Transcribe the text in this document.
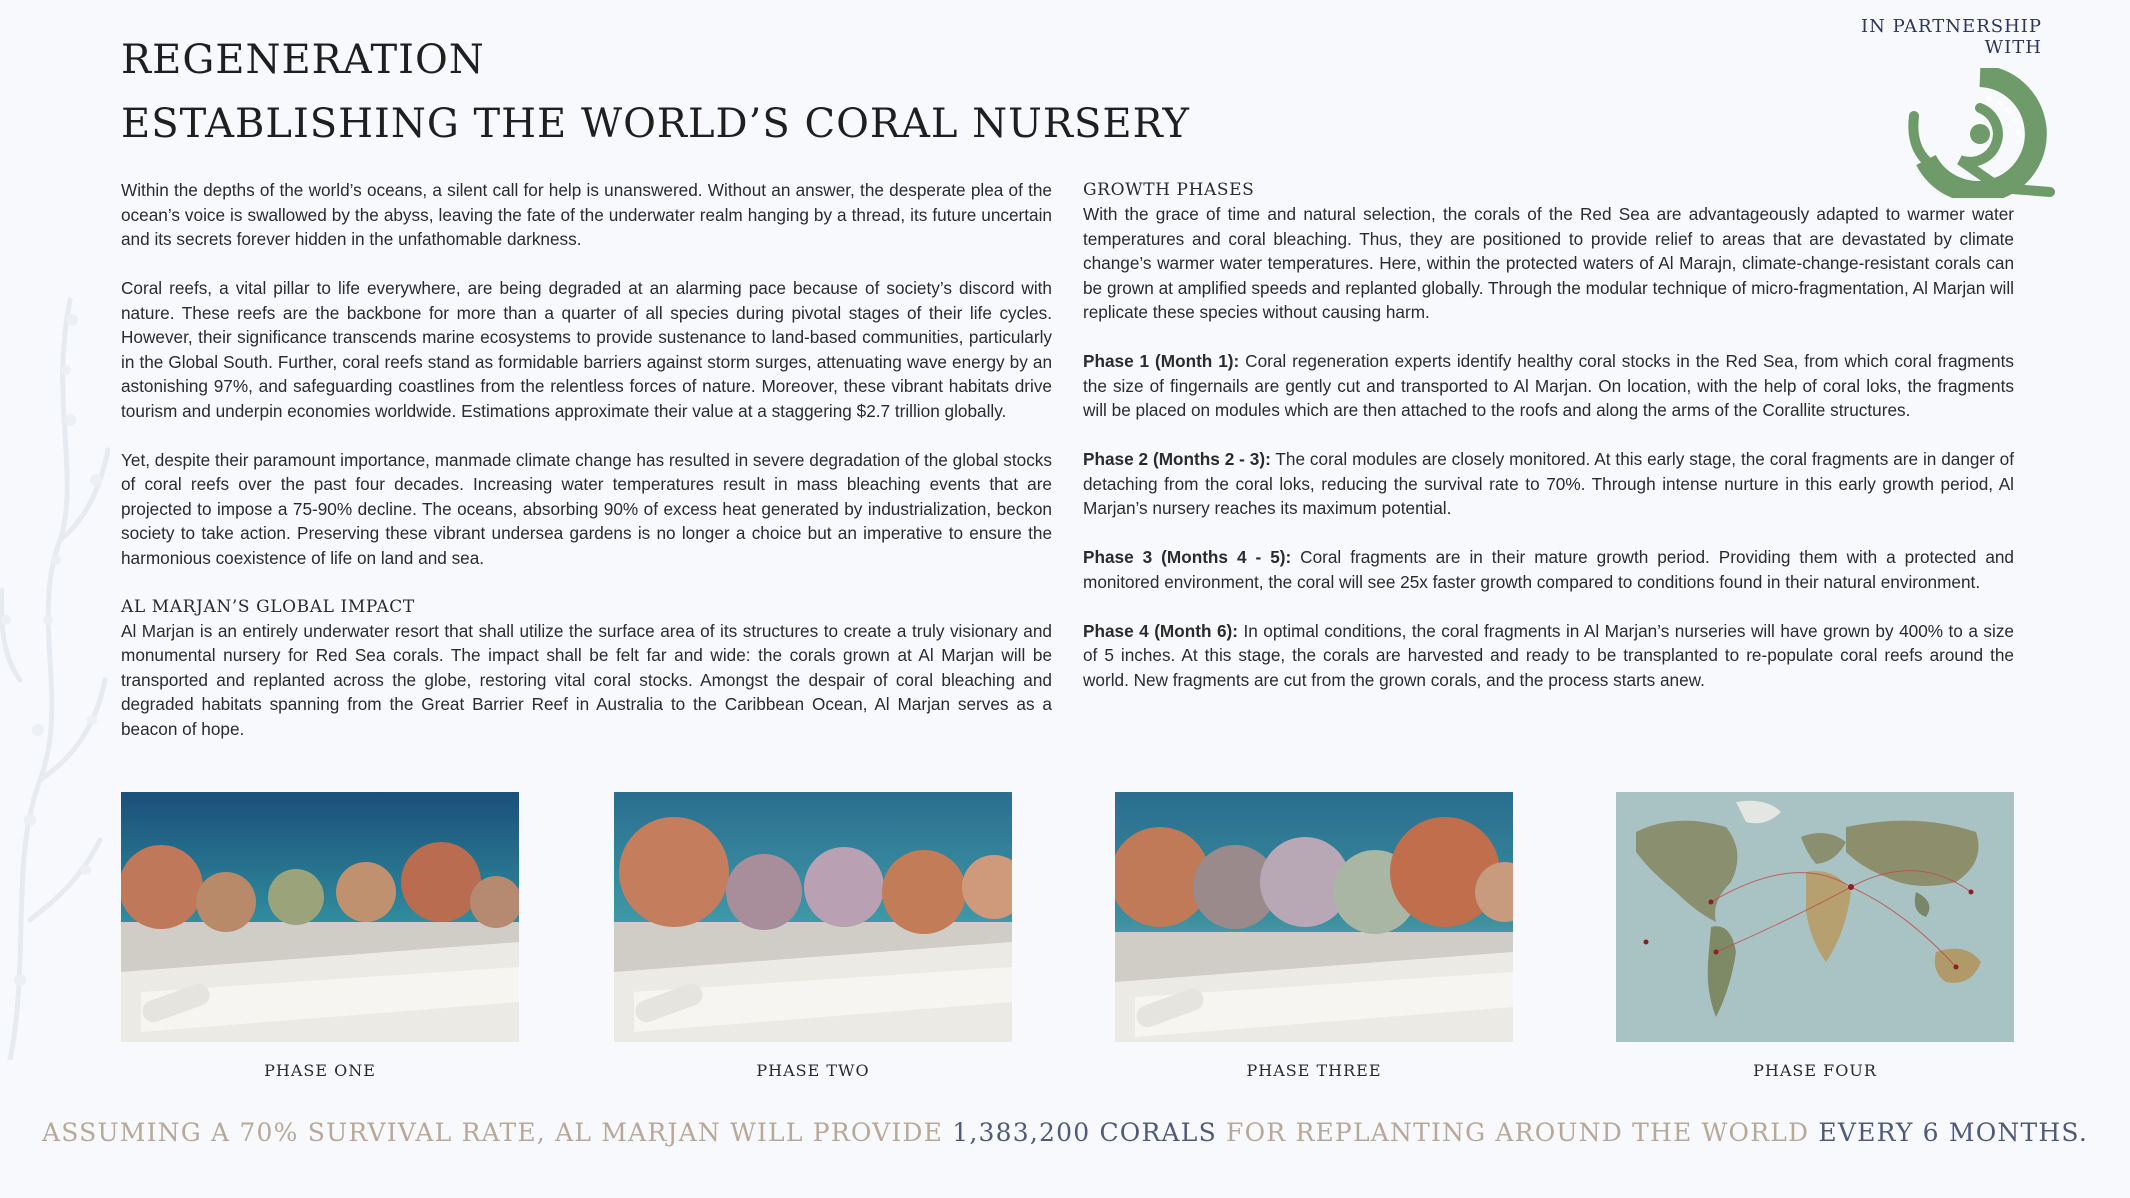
REGENERATION
ESTABLISHING THE WORLD’S CORAL NURSERY
IN PARTNERSHIP WITH

Within the depths of the world’s oceans, a silent call for help is unanswered. Without an answer, the desperate plea of the ocean’s voice is swallowed by the abyss, leaving the fate of the underwater realm hanging by a thread, its future uncertain and its secrets forever hidden in the unfathomable darkness.

Coral reefs, a vital pillar to life everywhere, are being degraded at an alarming pace because of society’s discord with nature. These reefs are the backbone for more than a quarter of all species during pivotal stages of their life cycles. However, their significance transcends marine ecosystems to provide sustenance to land-based communities, particularly in the Global South. Further, coral reefs stand as formidable barriers against storm surges, attenuating wave energy by an astonishing 97%, and safeguarding coastlines from the relentless forces of nature. Moreover, these vibrant habitats drive tourism and underpin economies worldwide. Estimations approximate their value at a staggering $2.7 trillion globally.

Yet, despite their paramount importance, manmade climate change has resulted in severe degradation of the global stocks of coral reefs over the past four decades. Increasing water temperatures result in mass bleaching events that are projected to impose a 75-90% decline. The oceans, absorbing 90% of excess heat generated by industrialization, beckon society to take action. Preserving these vibrant undersea gardens is no longer a choice but an imperative to ensure the harmonious coexistence of life on land and sea.

AL MARJAN’S GLOBAL IMPACT

Al Marjan is an entirely underwater resort that shall utilize the surface area of its structures to create a truly visionary and monumental nursery for Red Sea corals. The impact shall be felt far and wide: the corals grown at Al Marjan will be transported and replanted across the globe, restoring vital coral stocks. Amongst the despair of coral bleaching and degraded habitats spanning from the Great Barrier Reef in Australia to the Caribbean Ocean, Al Marjan serves as a beacon of hope.

GROWTH PHASES

With the grace of time and natural selection, the corals of the Red Sea are advantageously adapted to warmer water temperatures and coral bleaching. Thus, they are positioned to provide relief to areas that are devastated by climate change’s warmer water temperatures. Here, within the protected waters of Al Marajn, climate-change-resistant corals can be grown at amplified speeds and replanted globally. Through the modular technique of micro-fragmentation, Al Marjan will replicate these species without causing harm.

Phase 1 (Month 1): Coral regeneration experts identify healthy coral stocks in the Red Sea, from which coral fragments the size of fingernails are gently cut and transported to Al Marjan. On location, with the help of coral loks, the fragments will be placed on modules which are then attached to the roofs and along the arms of the Corallite structures.

Phase 2 (Months 2 - 3): The coral modules are closely monitored. At this early stage, the coral fragments are in danger of detaching from the coral loks, reducing the survival rate to 70%. Through intense nurture in this early growth period, Al Marjan’s nursery reaches its maximum potential.

Phase 3 (Months 4 - 5): Coral fragments are in their mature growth period. Providing them with a protected and monitored environment, the coral will see 25x faster growth compared to conditions found in their natural environment.

Phase 4 (Month 6): In optimal conditions, the coral fragments in Al Marjan’s nurseries will have grown by 400% to a size of 5 inches. At this stage, the corals are harvested and ready to be transplanted to re-populate coral reefs around the world. New fragments are cut from the grown corals, and the process starts anew.

PHASE ONE	PHASE TWO	PHASE THREE	PHASE FOUR
ASSUMING A 70% SURVIVAL RATE, AL MARJAN WILL PROVIDE 1,383,200 CORALS FOR REPLANTING AROUND THE WORLD EVERY 6 MONTHS.
